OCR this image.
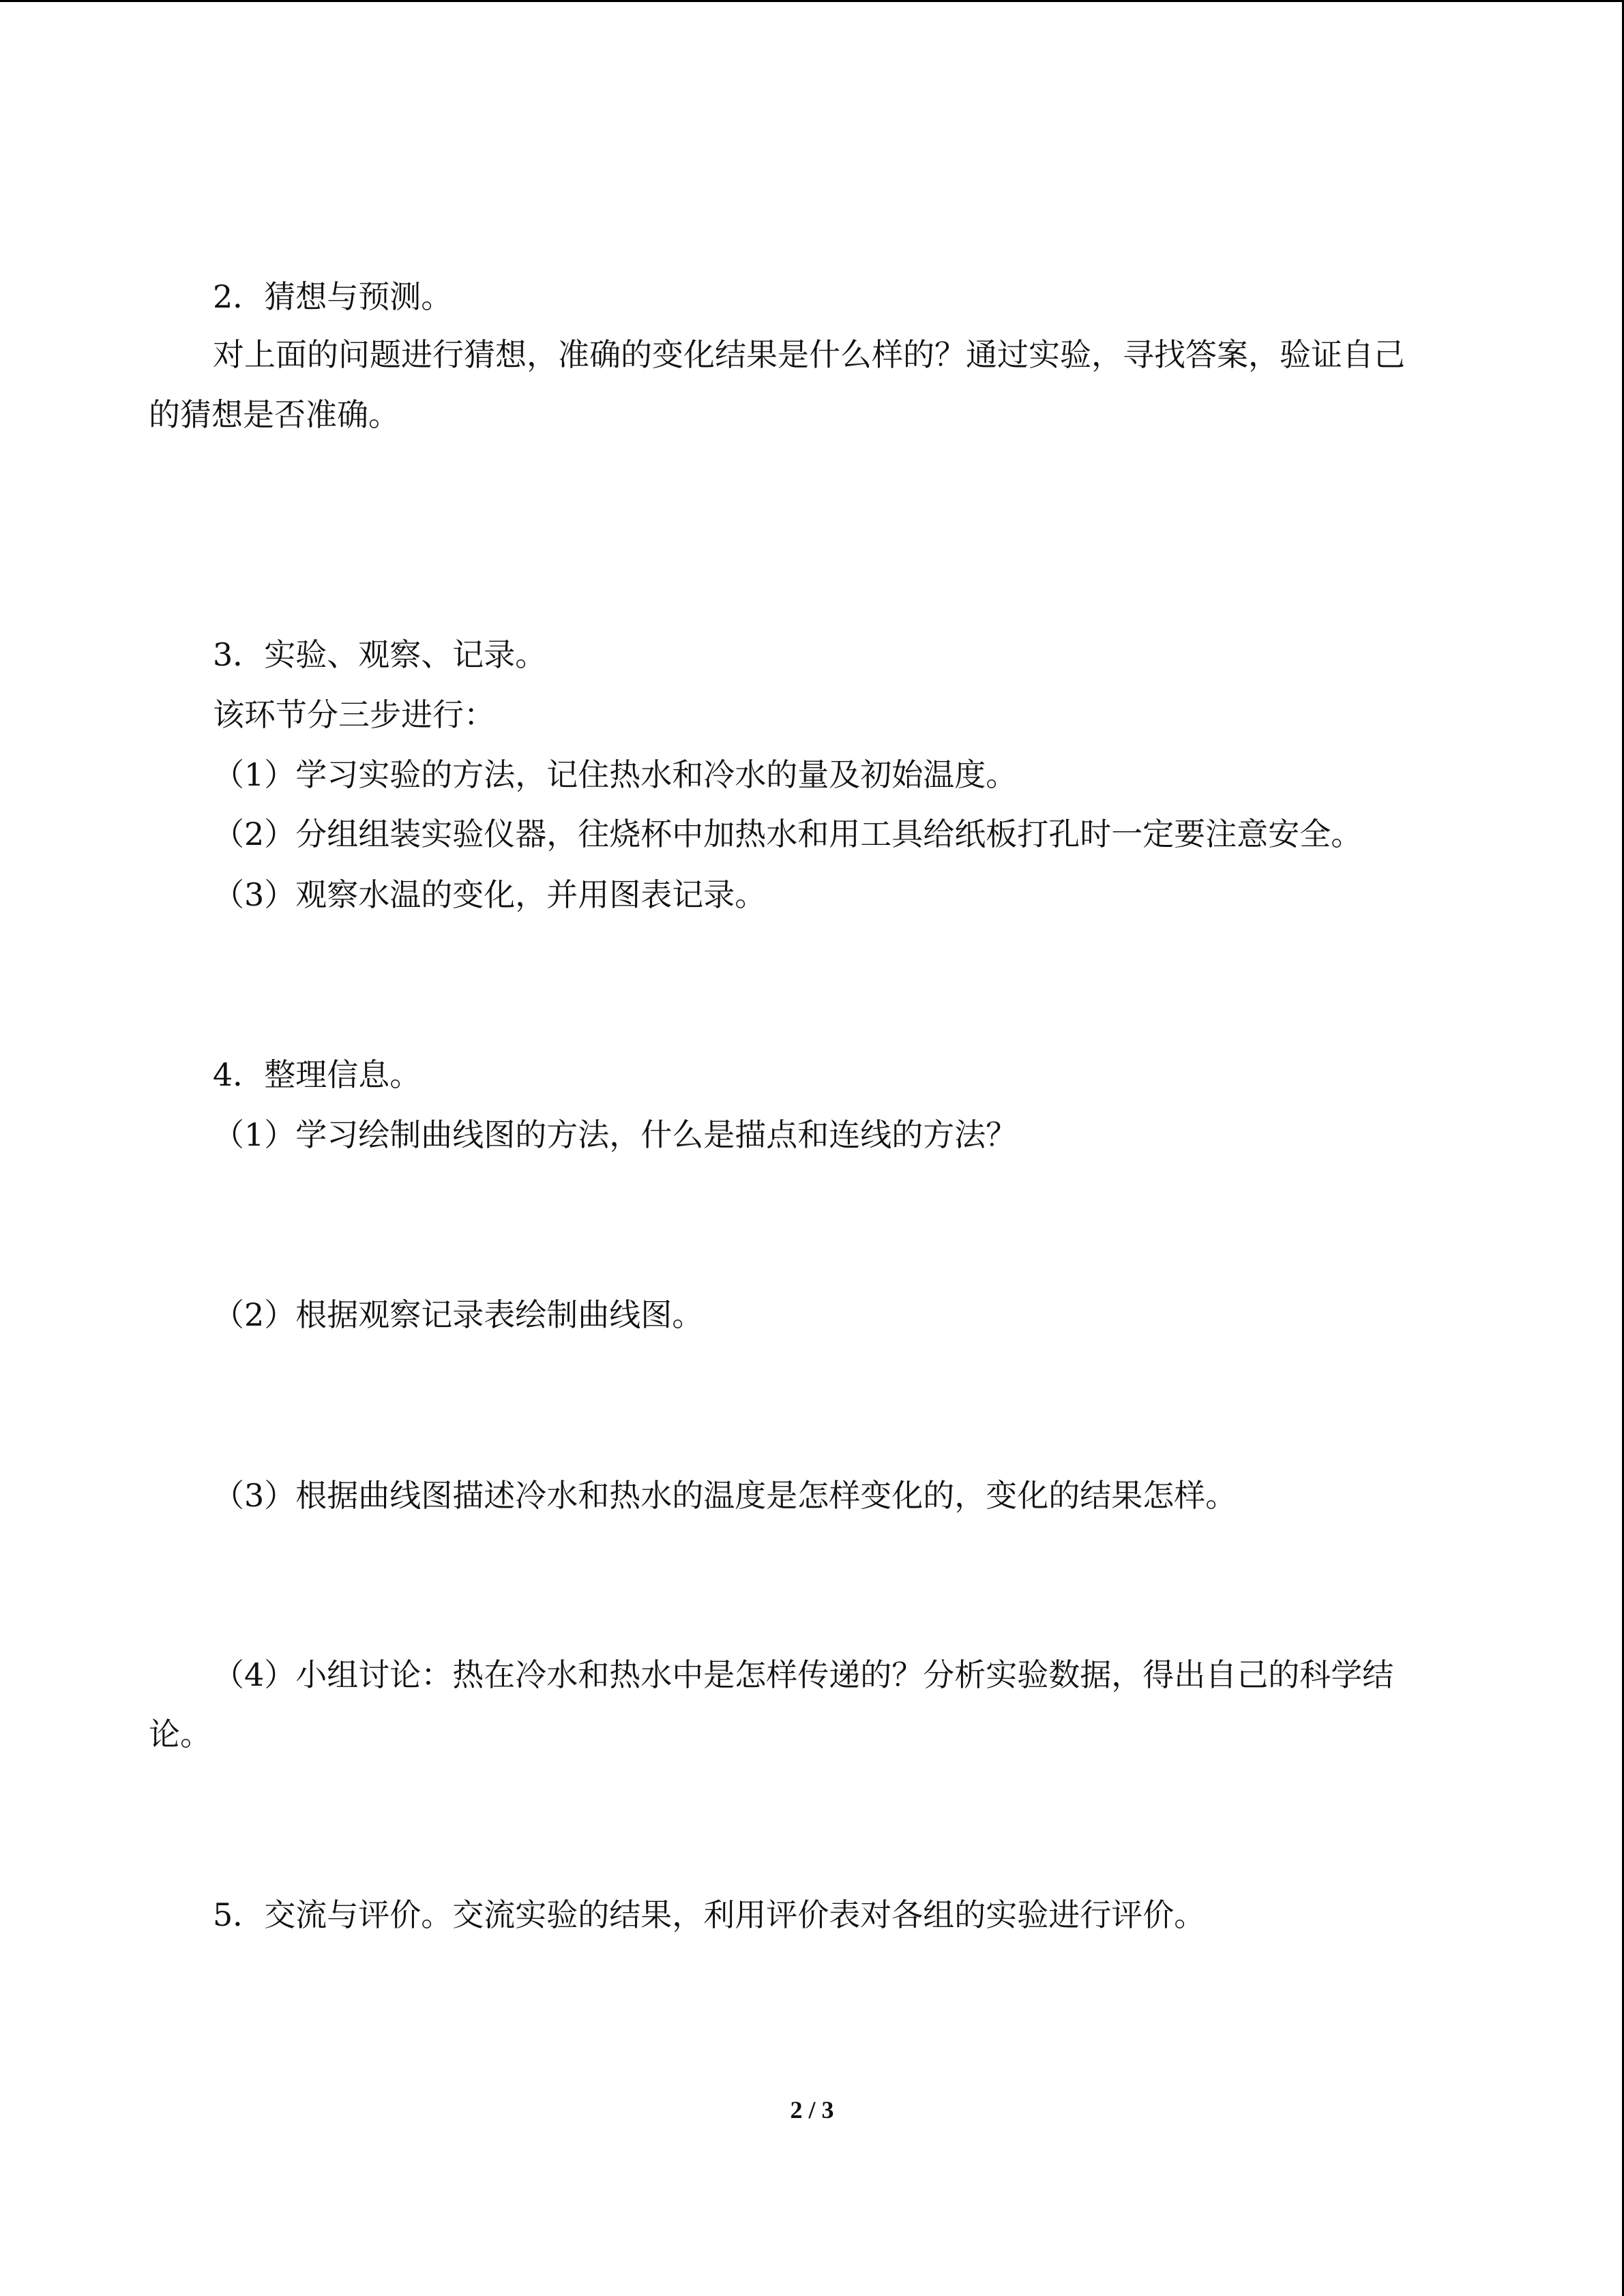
2．猜想与预测。
对上面的问题进行猜想，准确的变化结果是什么样的？通过实验，寻找答案，验证自己
的猜想是否准确。
3．实验、观察、记录。
该环节分三步进行：
（1）学习实验的方法，记住热水和冷水的量及初始温度。
（2）分组组装实验仪器，往烧杯中加热水和用工具给纸板打孔时一定要注意安全。
（3）观察水温的变化，并用图表记录。
4．整理信息。
（1）学习绘制曲线图的方法，什么是描点和连线的方法？
（2）根据观察记录表绘制曲线图。
（3）根据曲线图描述冷水和热水的温度是怎样变化的，变化的结果怎样。
（4）小组讨论：热在冷水和热水中是怎样传递的？分析实验数据，得出自己的科学结
论。
5．交流与评价。交流实验的结果，利用评价表对各组的实验进行评价。
2 / 3
